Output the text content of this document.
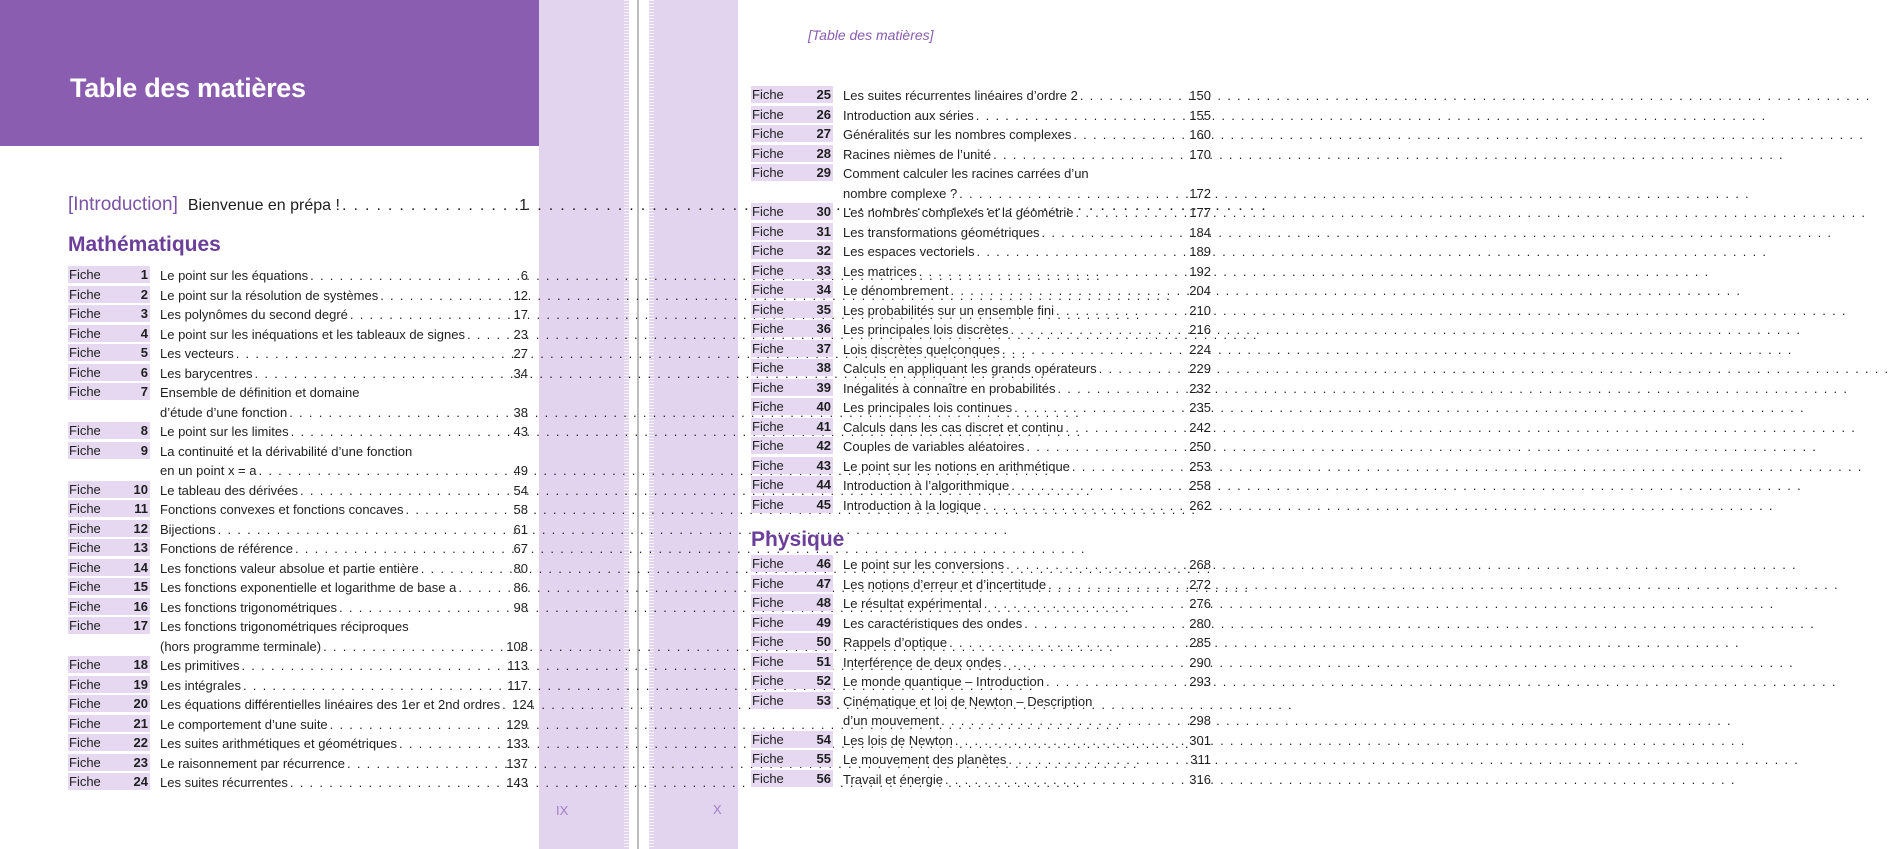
Table des matières
IX	X
[Introduction] Bienvenue en prépa ! . . .	1
Mathématiques
Fiche	1 Le point sur les équations . . .	6
Fiche	2 Le point sur la résolution de systèmes . . .	12
Fiche	3 Les polynômes du second degré . . .	17
Fiche	4 Le point sur les inéquations et les tableaux de signes . . .	23
Fiche	5 Les vecteurs . . .	27
Fiche	6 Les barycentres . . .	34
Fiche	7 Ensemble de définition et domaine
d’étude d’une fonction . . .	38
Fiche	8 Le point sur les limites . . .	43
Fiche	9 La continuité et la dérivabilité d’une fonction
en un point x = a . . .	49
Fiche	10 Le tableau des dérivées . . .	54
Fiche	11 Fonctions convexes et fonctions concaves . . .	58
Fiche	12 Bijections . . .	61
Fiche	13 Fonctions de référence . . .	67
Fiche	14 Les fonctions valeur absolue et partie entière . . .	80
Fiche	15 Les fonctions exponentielle et logarithme de base a . . .	86
Fiche	16 Les fonctions trigonométriques . . .	98
Fiche	17 Les fonctions trigonométriques réciproques
(hors programme terminale) . . .	108
Fiche	18 Les primitives . . .	113
Fiche	19 Les intégrales . . .	117
Fiche	20 Les équations différentielles linéaires des 1er et 2nd ordres . . . 124
Fiche	21 Le comportement d’une suite . . .	129
Fiche	22 Les suites arithmétiques et géométriques . . .	133
Fiche	23 Le raisonnement par récurrence . . .	137
Fiche	24 Les suites récurrentes . . .	143
[Table des matières]
Fiche	25 Les suites récurrentes linéaires d’ordre 2 . . .	150
Fiche	26 Introduction aux séries . . .	155
Fiche	27 Généralités sur les nombres complexes . . .	160
Fiche	28 Racines nièmes de l’unité . . .	170
Fiche	29 Comment calculer les racines carrées d’un
nombre complexe ? . . .	172
Fiche	30 Les nombres complexes et la géométrie . . .	177
Fiche	31 Les transformations géométriques . . .	184
Fiche	32 Les espaces vectoriels . . .	189
Fiche	33 Les matrices . . .	192
Fiche	34 Le dénombrement . . .	204
Fiche	35 Les probabilités sur un ensemble fini . . .	210
Fiche	36 Les principales lois discrètes . . .	216
Fiche	37 Lois discrètes quelconques . . .	224
Fiche	38 Calculs en appliquant les grands opérateurs . . .	229
Fiche	39 Inégalités à connaître en probabilités . . .	232
Fiche	40 Les principales lois continues . . .	235
Fiche	41 Calculs dans les cas discret et continu . . .	242
Fiche	42 Couples de variables aléatoires . . .	250
Fiche	43 Le point sur les notions en arithmétique . . .	253
Fiche	44 Introduction à l’algorithmique . . .	258
Fiche	45 Introduction à la logique . . .	262
Physique
Fiche	46 Le point sur les conversions . . .	268
Fiche	47 Les notions d’erreur et d’incertitude . . .	272
Fiche	48 Le résultat expérimental . . .	276
Fiche	49 Les caractéristiques des ondes . . .	280
Fiche	50 Rappels d’optique . . .	285
Fiche	51 Interférence de deux ondes . . .	290
Fiche	52 Le monde quantique – Introduction . . .	293
Fiche	53 Cinématique et loi de Newton – Description
d’un mouvement . . .	298
Fiche	54 Les lois de Newton . . .	301
Fiche	55 Le mouvement des planètes . . .	311
Fiche	56 Travail et énergie . . .	316
